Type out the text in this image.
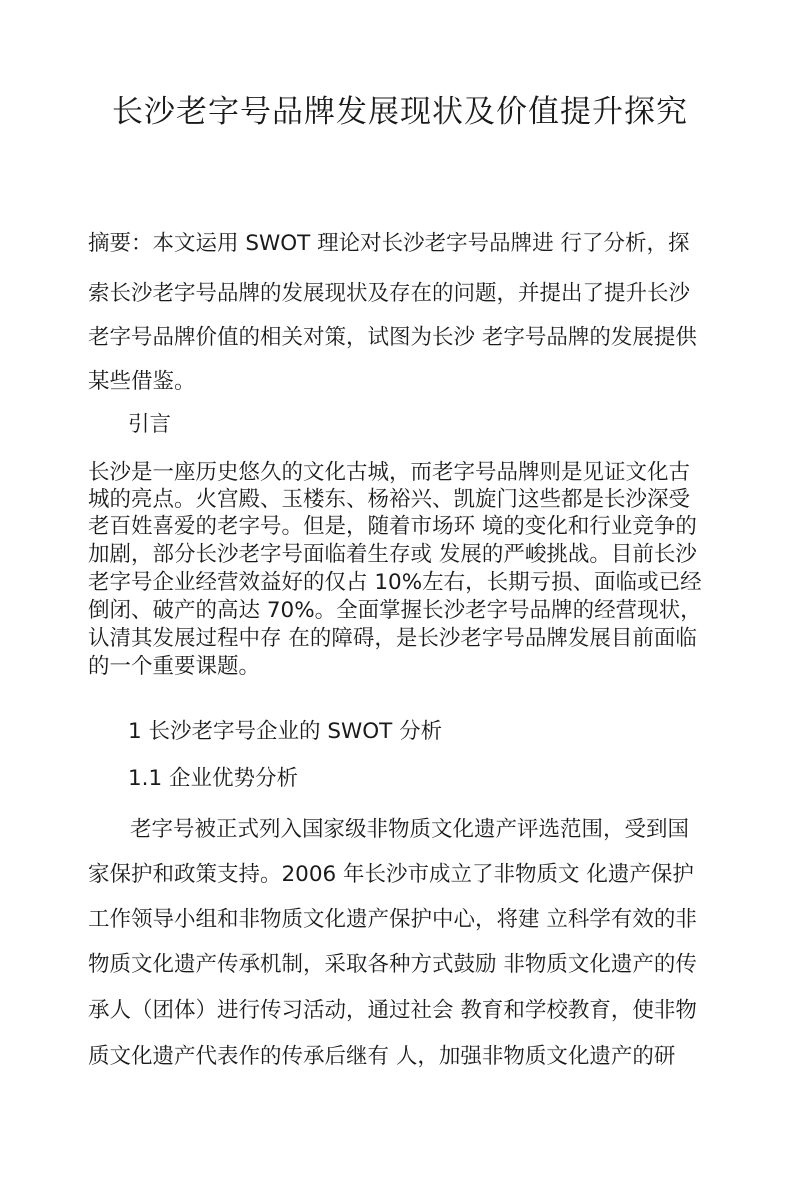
长沙老字号品牌发展现状及价值提升探究

摘要：本文运用 SWOT 理论对长沙老字号品牌进 行了分析，探

索长沙老字号品牌的发展现状及存在的问题，并提出了提升长沙

老字号品牌价值的相关对策，试图为长沙 老字号品牌的发展提供

某些借鉴。

引言

长沙是一座历史悠久的文化古城，而老字号品牌则是见证文化古

城的亮点。火宫殿、玉楼东、杨裕兴、凯旋门这些都是长沙深受

老百姓喜爱的老字号。但是，随着市场环 境的变化和行业竞争的

加剧，部分长沙老字号面临着生存或 发展的严峻挑战。目前长沙

老字号企业经营效益好的仅占 10%左右，长期亏损、面临或已经

倒闭、破产的高达 70%。全面掌握长沙老字号品牌的经营现状，

认清其发展过程中存 在的障碍，是长沙老字号品牌发展目前面临

的一个重要课题。

1 长沙老字号企业的 SWOT 分析

1.1 企业优势分析

老字号被正式列入国家级非物质文化遗产评选范围，受到国

家保护和政策支持。2006 年长沙市成立了非物质文 化遗产保护

工作领导小组和非物质文化遗产保护中心，将建 立科学有效的非

物质文化遗产传承机制，采取各种方式鼓励 非物质文化遗产的传

承人（团体）进行传习活动，通过社会 教育和学校教育，使非物

质文化遗产代表作的传承后继有 人，加强非物质文化遗产的研
